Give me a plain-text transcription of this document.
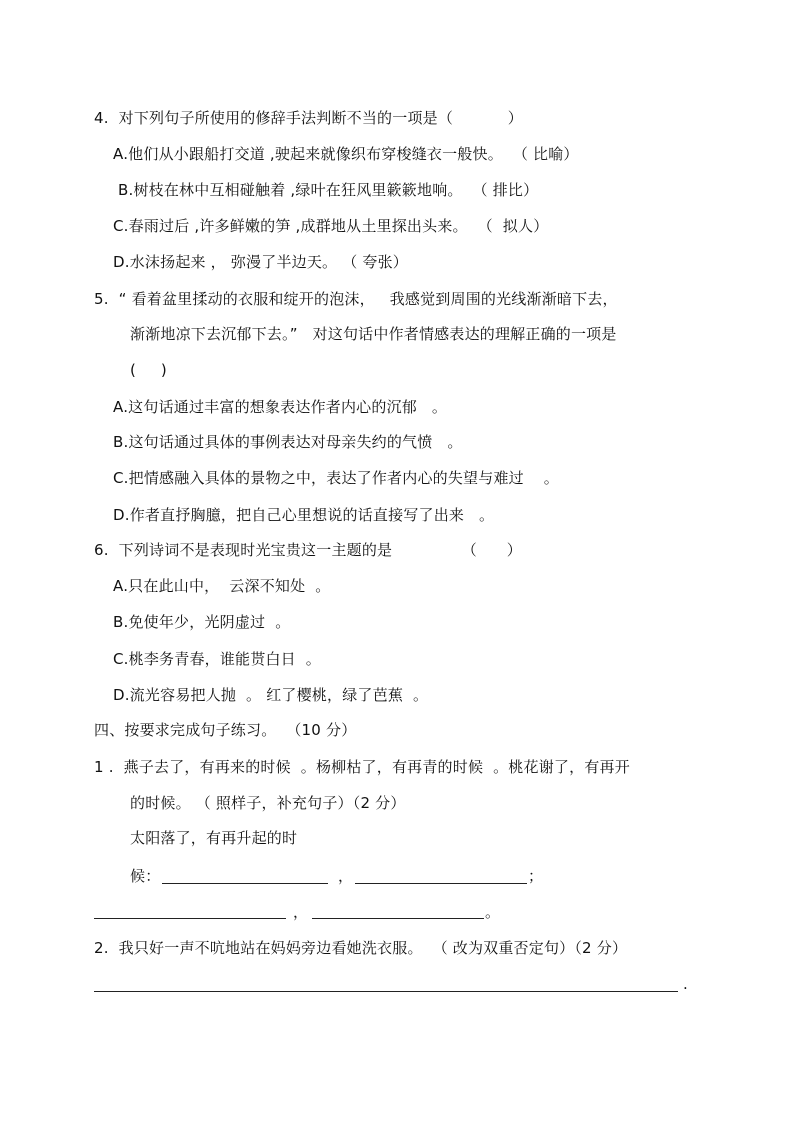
4.  对下列句子所使用的修辞手法判断不当的一项是（           ）
A.他们从小跟船打交道 ,驶起来就像织布穿梭缝衣一般快。  （ 比喻）
B.树枝在林中互相碰触着 ,绿叶在狂风里簌簌地响。  （ 排比）
C.春雨过后 ,许多鲜嫩的笋 ,成群地从土里探出头来。  （  拟人）
D.水沫扬起来 ， 弥漫了半边天。 （ 夸张）
5.  “ 看着盆里揉动的衣服和绽开的泡沫，   我感觉到周围的光线渐渐暗下去，
渐渐地凉下去沉郁下去。”   对这句话中作者情感表达的理解正确的一项是
(     )
A.这句话通过丰富的想象表达作者内心的沉郁   。
B.这句话通过具体的事例表达对母亲失约的气愤   。
C.把情感融入具体的景物之中，表达了作者内心的失望与难过    。
D.作者直抒胸臆，把自己心里想说的话直接写了出来   。
6.  下列诗词不是表现时光宝贵这一主题的是              （      ）
A.只在此山中，  云深不知处  。
B.免使年少，光阴虚过  。
C.桃李务青春，谁能贳白日  。
D.流光容易把人抛  。 红了樱桃，绿了芭蕉  。
四、按要求完成句子练习。  （10 分）
1 .  燕子去了，有再来的时候  。杨柳枯了，有再青的时候  。桃花谢了，有再开
的时候。 （ 照样子，补充句子）（2 分）
太阳落了，有再升起的时
候：	，	；
，	。
2.  我只好一声不吭地站在妈妈旁边看她洗衣服。  （ 改为双重否定句）（2 分）
.
